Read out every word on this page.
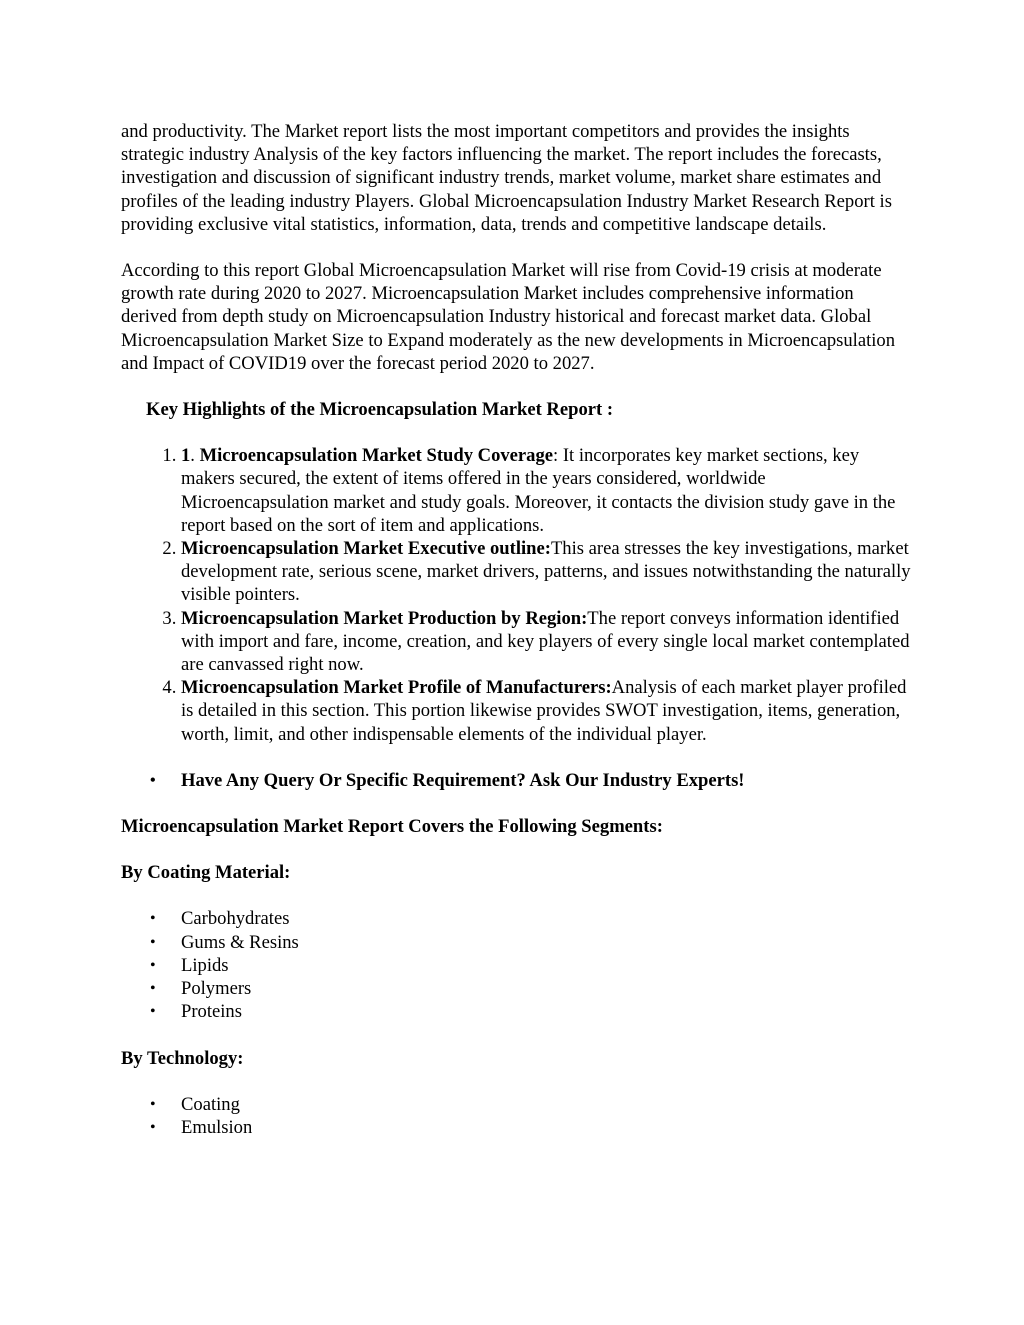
and productivity. The Market report lists the most important competitors and provides the insights strategic industry Analysis of the key factors influencing the market. The report includes the forecasts, investigation and discussion of significant industry trends, market volume, market share estimates and profiles of the leading industry Players. Global Microencapsulation Industry Market Research Report is providing exclusive vital statistics, information, data, trends and competitive landscape details.

According to this report Global Microencapsulation Market will rise from Covid-19 crisis at moderate growth rate during 2020 to 2027. Microencapsulation Market includes comprehensive information derived from depth study on Microencapsulation Industry historical and forecast market data. Global Microencapsulation Market Size to Expand moderately as the new developments in Microencapsulation and Impact of COVID19 over the forecast period 2020 to 2027.

Key Highlights of the Microencapsulation Market Report :

1. 1. Microencapsulation Market Study Coverage: It incorporates key market sections, key makers secured, the extent of items offered in the years considered, worldwide Microencapsulation market and study goals. Moreover, it contacts the division study gave in the report based on the sort of item and applications.
2. Microencapsulation Market Executive outline:This area stresses the key investigations, market development rate, serious scene, market drivers, patterns, and issues notwithstanding the naturally visible pointers.
3. Microencapsulation Market Production by Region:The report conveys information identified with import and fare, income, creation, and key players of every single local market contemplated are canvassed right now.
4. Microencapsulation Market Profile of Manufacturers:Analysis of each market player profiled is detailed in this section. This portion likewise provides SWOT investigation, items, generation, worth, limit, and other indispensable elements of the individual player.
• Have Any Query Or Specific Requirement? Ask Our Industry Experts!

Microencapsulation Market Report Covers the Following Segments:

By Coating Material:

• Carbohydrates
• Gums & Resins
• Lipids
• Polymers
• Proteins

By Technology:

• Coating
• Emulsion
